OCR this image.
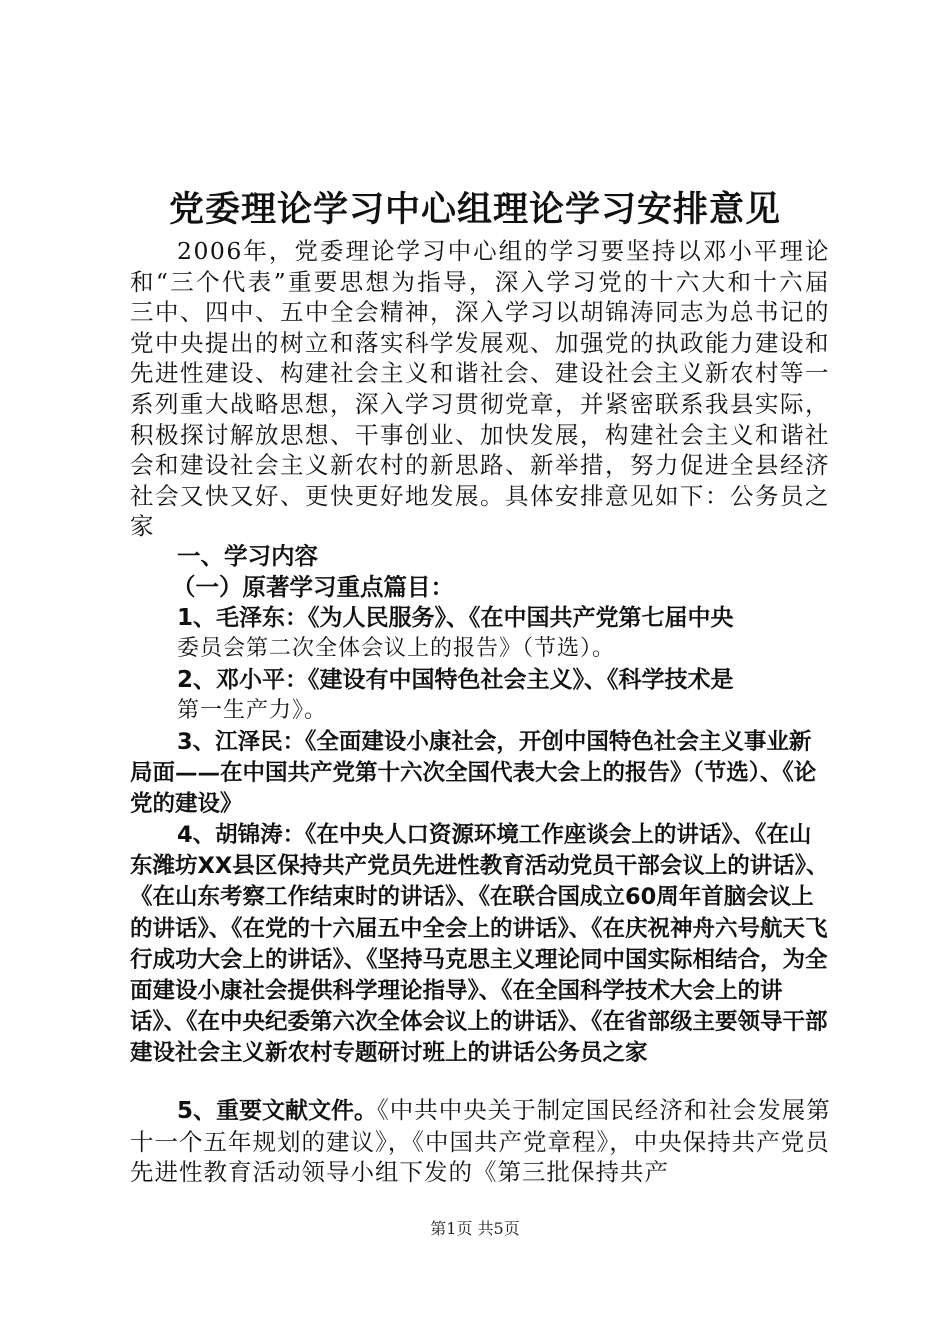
党委理论学习中心组理论学习安排意见

2006年，党委理论学习中心组的学习要坚持以邓小平理论和“三个代表”重要思想为指导，深入学习党的十六大和十六届三中、四中、五中全会精神，深入学习以胡锦涛同志为总书记的党中央提出的树立和落实科学发展观、加强党的执政能力建设和先进性建设、构建社会主义和谐社会、建设社会主义新农村等一系列重大战略思想，深入学习贯彻党章，并紧密联系我县实际，积极探讨解放思想、干事创业、加快发展，构建社会主义和谐社会和建设社会主义新农村的新思路、新举措，努力促进全县经济社会又快又好、更快更好地发展。具体安排意见如下：公务员之家

一、学习内容
（一）原著学习重点篇目：
1、毛泽东：《为人民服务》、《在中国共产党第七届中央
委员会第二次全体会议上的报告》（节选）。
2、邓小平：《建设有中国特色社会主义》、《科学技术是
第一生产力》。

3、江泽民：《全面建设小康社会，开创中国特色社会主义事业新局面——在中国共产党第十六次全国代表大会上的报告》（节选）、《论党的建设》

4、胡锦涛：《在中央人口资源环境工作座谈会上的讲话》、《在山东潍坊XX县区保持共产党员先进性教育活动党员干部会议上的讲话》、《在山东考察工作结束时的讲话》、《在联合国成立60周年首脑会议上的讲话》、《在党的十六届五中全会上的讲话》、《在庆祝神舟六号航天飞行成功大会上的讲话》、《坚持马克思主义理论同中国实际相结合，为全面建设小康社会提供科学理论指导》、《在全国科学技术大会上的讲话》、《在中央纪委第六次全体会议上的讲话》、《在省部级主要领导干部建设社会主义新农村专题研讨班上的讲话公务员之家

5、重要文献文件。《中共中央关于制定国民经济和社会发展第十一个五年规划的建议》，《中国共产党章程》，中央保持共产党员先进性教育活动领导小组下发的《第三批保持共产

第1页 共5页
